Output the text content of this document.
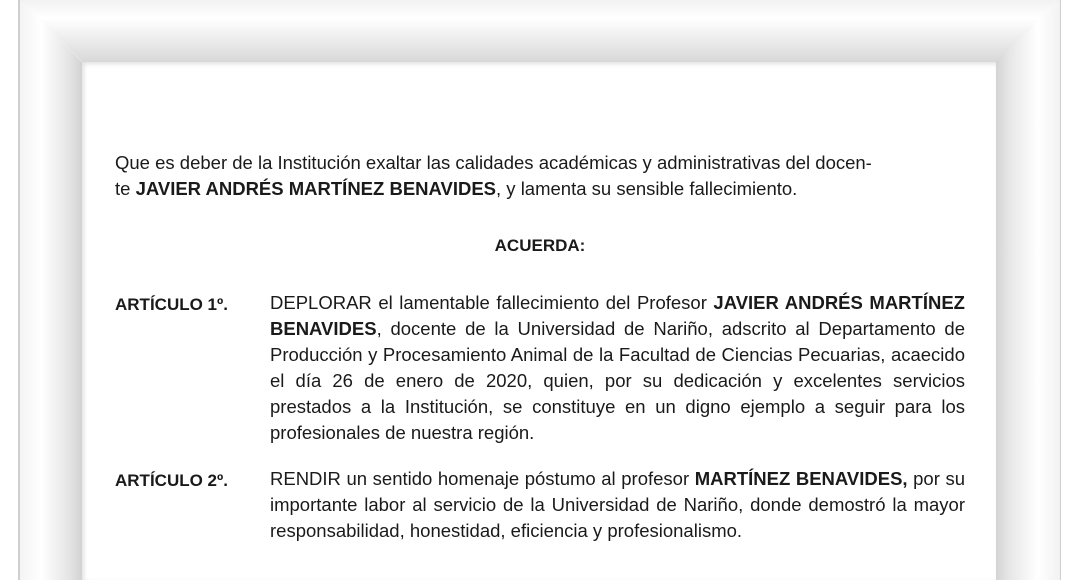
Que es deber de la Institución exaltar las calidades académicas y administrativas del docen-

te JAVIER ANDRÉS MARTÍNEZ BENAVIDES, y lamenta su sensible fallecimiento.

ACUERDA:
ARTÍCULO 1º.	DEPLORAR el lamentable fallecimiento del Profesor JAVIER ANDRÉS MARTÍNEZ BENAVIDES, docente de la Universidad de Nariño, adscrito al Departamento de Producción y Procesamiento Animal de la Facultad de Ciencias Pecuarias, acaecido el día 26 de enero de 2020, quien, por su dedicación y excelentes servicios prestados a la Institución, se constituye en un digno ejemplo a seguir para los profesionales de nuestra región.
ARTÍCULO 2º.	RENDIR un sentido homenaje póstumo al profesor MARTÍNEZ BENAVIDES, por su importante labor al servicio de la Universidad de Nariño, donde demostró la mayor responsabilidad, honestidad, eficiencia y profesionalismo.
